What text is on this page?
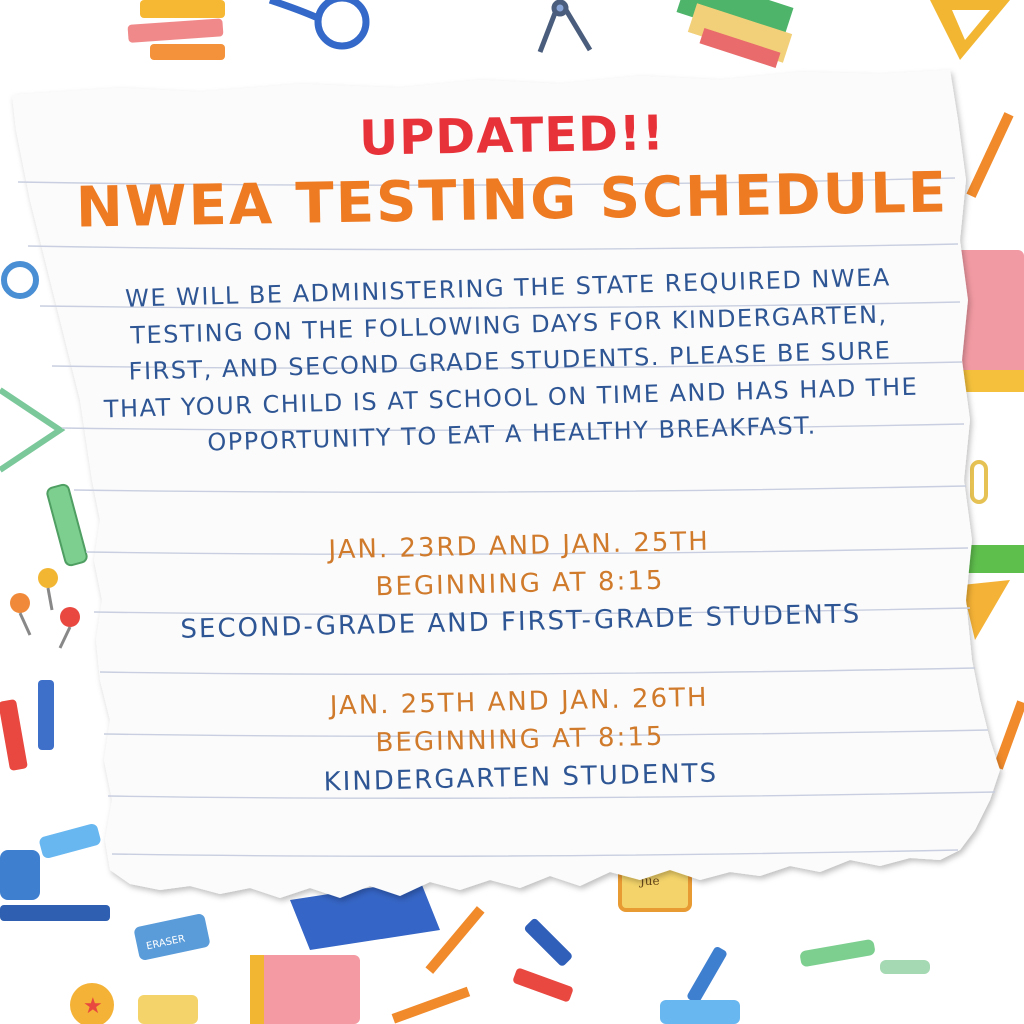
ERASER
★
Jue
UPDATED!!
NWEA TESTING SCHEDULE

WE WILL BE ADMINISTERING THE STATE REQUIRED NWEA TESTING ON THE FOLLOWING DAYS FOR KINDERGARTEN, FIRST, AND SECOND GRADE STUDENTS. PLEASE BE SURE THAT YOUR CHILD IS AT SCHOOL ON TIME AND HAS HAD THE OPPORTUNITY TO EAT A HEALTHY BREAKFAST.

JAN. 23RD AND JAN. 25TH
BEGINNING AT 8:15
SECOND-GRADE AND FIRST-GRADE STUDENTS
JAN. 25TH AND JAN. 26TH
BEGINNING AT 8:15
KINDERGARTEN STUDENTS
